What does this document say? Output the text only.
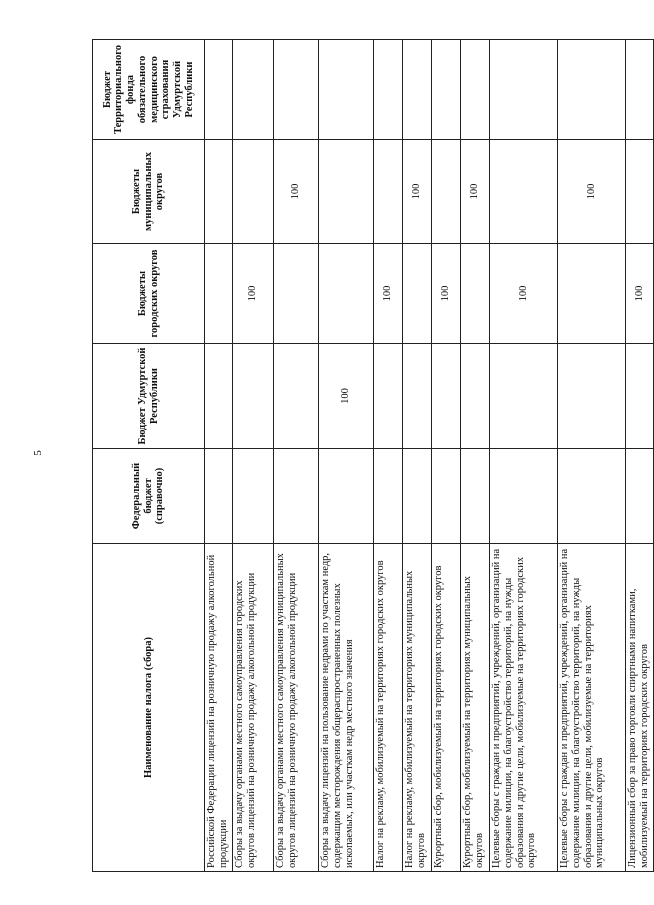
5
Наименование налога (сбора)	Федеральный бюджет (справочно)	Бюджет Удмуртской Республики	Бюджеты городских округов	Бюджеты муниципальных округов	Бюджет Территориального фонда обязательного медицинского страхования Удмуртской Республики
Российской Федерации лицензий на розничную продажу алкогольной продукции					
Сборы за выдачу органами местного самоуправления городских округов лицензий на розничную продажу алкогольной продукции			100		
Сборы за выдачу органами местного самоуправления муниципальных округов лицензий на розничную продажу алкогольной продукции				100	
Сборы за выдачу лицензий на пользование недрами по участкам недр, содержащим месторождения общераспространенных полезных ископаемых, или участкам недр местного значения		100			
Налог на рекламу, мобилизуемый на территориях городских округов			100		
Налог на рекламу, мобилизуемый на территориях муниципальных округов				100	
Курортный сбор, мобилизуемый на территориях городских округов			100		
Курортный сбор, мобилизуемый на территориях муниципальных округов				100	
Целевые сборы с граждан и предприятий, учреждений, организаций на содержание милиции, на благоустройство территорий, на нужды образования и другие цели, мобилизуемые на территориях городских округов			100		
Целевые сборы с граждан и предприятий, учреждений, организаций на содержание милиции, на благоустройство территорий, на нужды образования и другие цели, мобилизуемые на территориях муниципальных округов				100	
Лицензионный сбор за право торговли спиртными напитками, мобилизуемый на территориях городских округов			100		
